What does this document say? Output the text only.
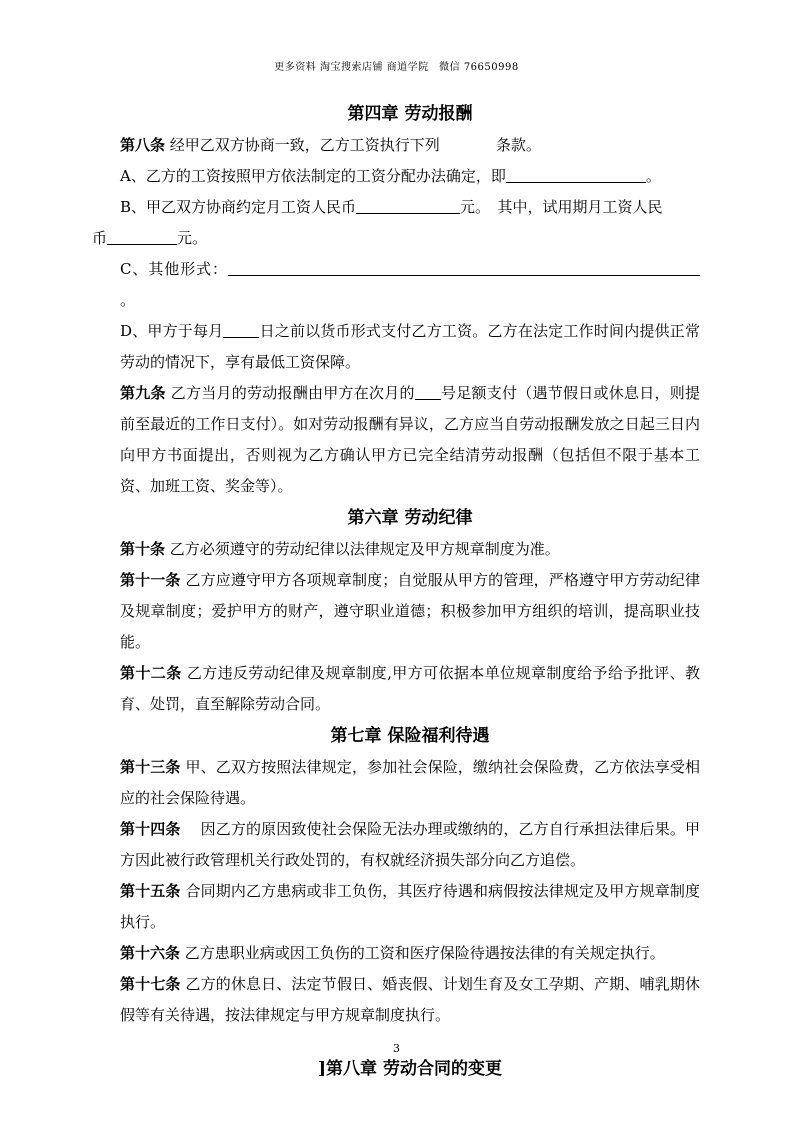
更多资料 淘宝搜索店铺 商道学院　微信 76650998
第四章 劳动报酬

第八条 经甲乙双方协商一致，乙方工资执行下列	条款。

A、乙方的工资按照甲方依法制定的工资分配办法确定，即	。

B、甲乙双方协商约定月工资人民币	元。　其中，试用期月工资人民

币	元。

C、其他形式：。

D、甲方于每月 日之前以货币形式支付乙方工资。乙方在法定工作时间内提供正常劳动的情况下，享有最低工资保障。

第九条 乙方当月的劳动报酬由甲方在次月的 号足额支付（遇节假日或休息日，则提前至最近的工作日支付）。如对劳动报酬有异议，乙方应当自劳动报酬发放之日起三日内向甲方书面提出，否则视为乙方确认甲方已完全结清劳动报酬（包括但不限于基本工资、加班工资、奖金等）。

第六章 劳动纪律

第十条 乙方必须遵守的劳动纪律以法律规定及甲方规章制度为准。

第十一条 乙方应遵守甲方各项规章制度；自觉服从甲方的管理，严格遵守甲方劳动纪律及规章制度；爱护甲方的财产，遵守职业道德；积极参加甲方组织的培训，提高职业技能。

第十二条 乙方违反劳动纪律及规章制度,甲方可依据本单位规章制度给予给予批评、教 育、处罚，直至解除劳动合同。

第七章 保险福利待遇

第十三条 甲、乙双方按照法律规定，参加社会保险，缴纳社会保险费，乙方依法享受相应的社会保险待遇。

第十四条 　因乙方的原因致使社会保险无法办理或缴纳的，乙方自行承担法律后果。甲方因此被行政管理机关行政处罚的，有权就经济损失部分向乙方追偿。

第十五条 合同期内乙方患病或非工负伤，其医疗待遇和病假按法律规定及甲方规章制度执行。

第十六条 乙方患职业病或因工负伤的工资和医疗保险待遇按法律的有关规定执行。

第十七条 乙方的休息日、法定节假日、婚丧假、计划生育及女工孕期、产期、哺乳期休假等有关待遇，按法律规定与甲方规章制度执行。

]第八章 劳动合同的变更
3
